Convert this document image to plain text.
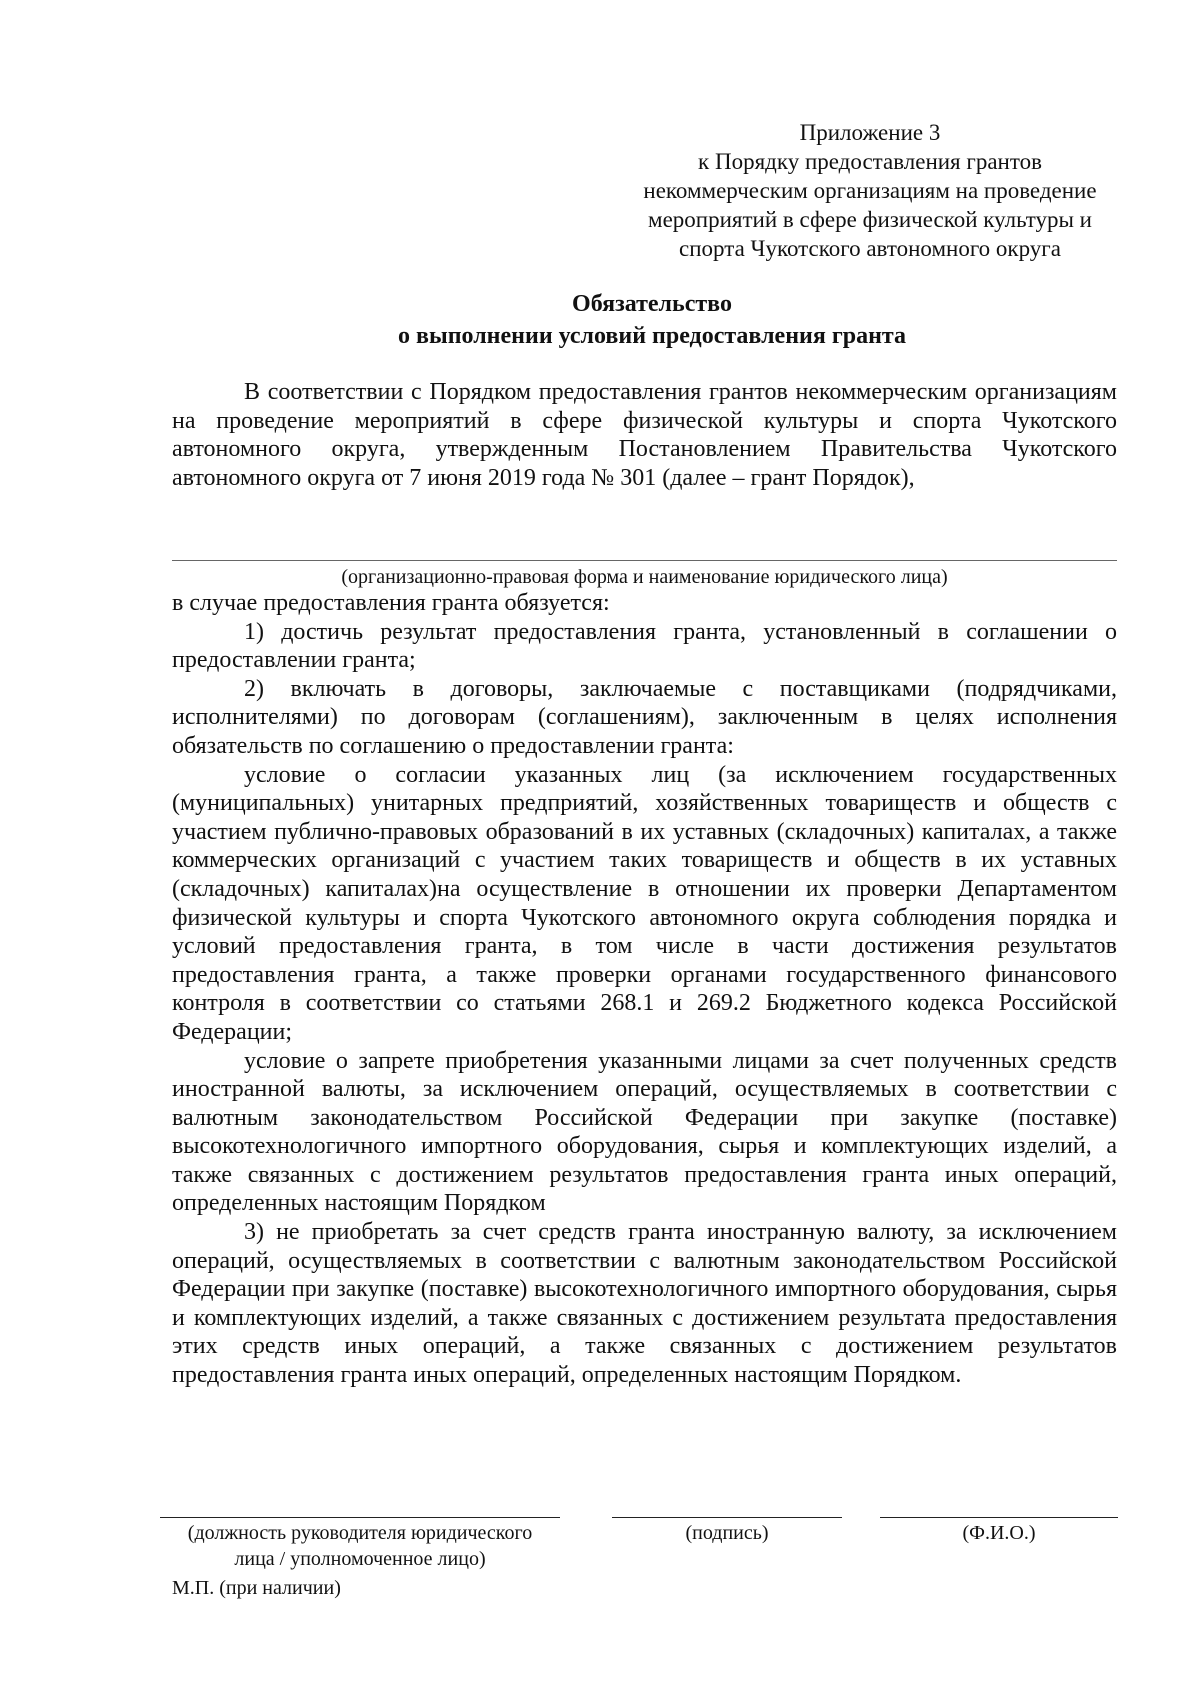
Приложение 3
к Порядку предоставления грантов
некоммерческим организациям на проведение
мероприятий в сфере физической культуры и
спорта Чукотского автономного округа
Обязательство
о выполнении условий предоставления гранта

В соответствии с Порядком предоставления грантов некоммерческим организациям на проведение мероприятий в сфере физической культуры и спорта Чукотского автономного округа, утвержденным Постановлением Правительства Чукотского автономного округа от 7 июня 2019 года № 301 (далее – грант Порядок),

(организационно-правовая форма и наименование юридического лица)

в случае предоставления гранта обязуется:

1) достичь результат предоставления гранта, установленный в соглашении о предоставлении гранта;

2) включать в договоры, заключаемые с поставщиками (подрядчиками, исполнителями) по договорам (соглашениям), заключенным в целях исполнения обязательств по соглашению о предоставлении гранта:

условие о согласии указанных лиц (за исключением государственных (муниципальных) унитарных предприятий, хозяйственных товариществ и обществ с участием публично-правовых образований в их уставных (складочных) капиталах, а также коммерческих организаций с участием таких товариществ и обществ в их уставных (складочных) капиталах)на осуществление в отношении их проверки Департаментом физической культуры и спорта Чукотского автономного округа соблюдения порядка и условий предоставления гранта, в том числе в части достижения результатов предоставления гранта, а также проверки органами государственного финансового контроля в соответствии со статьями 268.1 и 269.2 Бюджетного кодекса Российской Федерации;

условие о запрете приобретения указанными лицами за счет полученных средств иностранной валюты, за исключением операций, осуществляемых в соответствии с валютным законодательством Российской Федерации при закупке (поставке) высокотехнологичного импортного оборудования, сырья и комплектующих изделий, а также связанных с достижением результатов предоставления гранта иных операций, определенных настоящим Порядком

3) не приобретать за счет средств гранта иностранную валюту, за исключением операций, осуществляемых в соответствии с валютным законодательством Российской Федерации при закупке (поставке) высокотехнологичного импортного оборудования, сырья и комплектующих изделий, а также связанных с достижением результата предоставления этих средств иных операций, а также связанных с достижением результатов предоставления гранта иных операций, определенных настоящим Порядком.

(должность руководителя юридического
лица / уполномоченное лицо)
(подпись)	(Ф.И.О.)
М.П. (при наличии)
